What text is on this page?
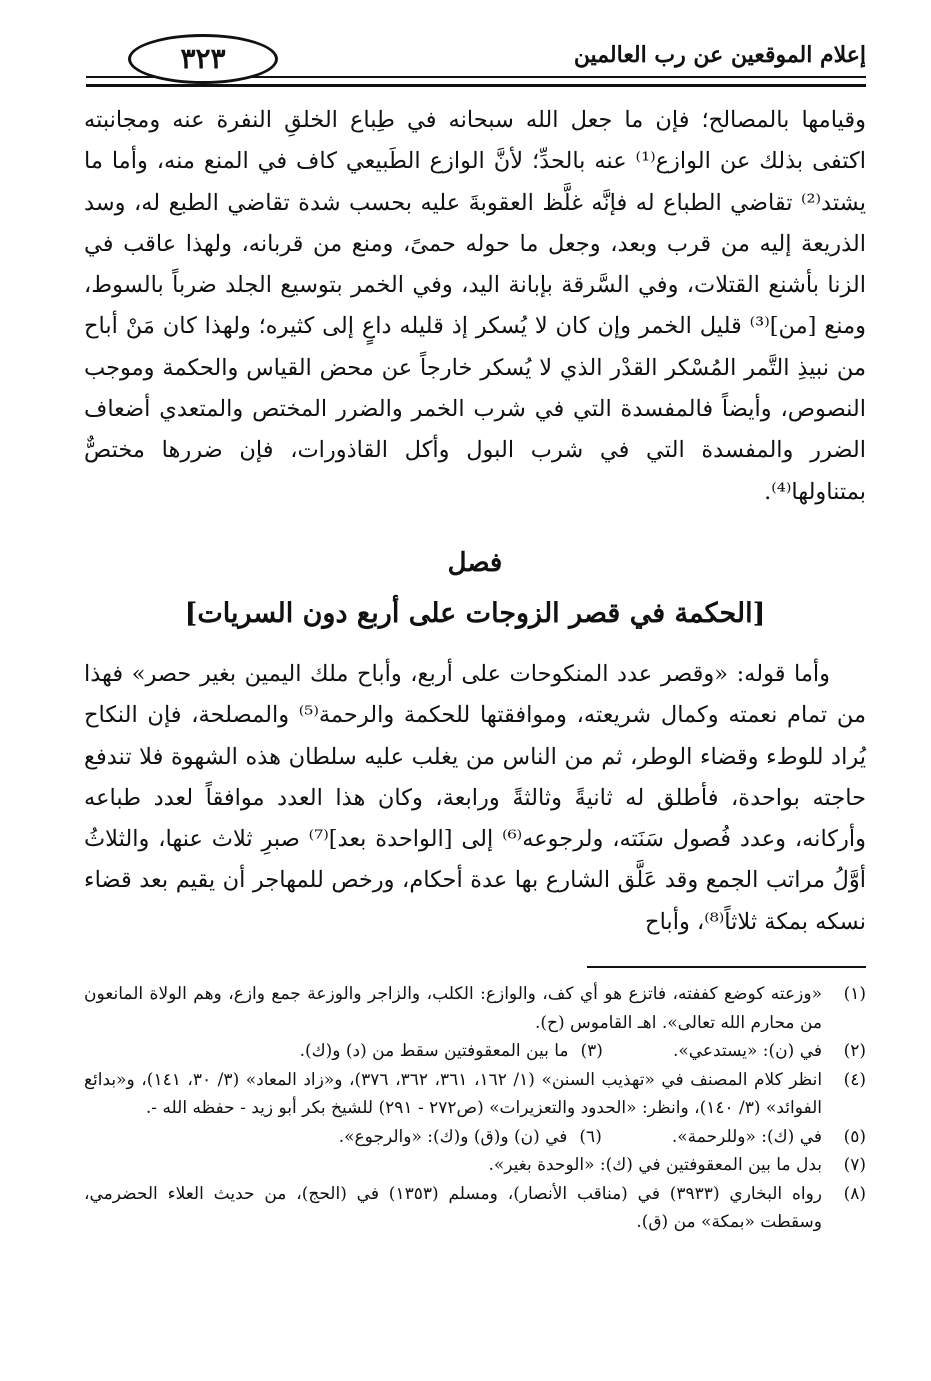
إعلام الموقعين عن رب العالمين
٣٢٣

وقيامها بالمصالح؛ فإن ما جعل الله سبحانه في طِباع الخلقِ النفرة عنه ومجانبته اكتفى بذلك عن الوازع⁽¹⁾ عنه بالحدِّ؛ لأنَّ الوازع الطَبيعي كاف في المنع منه، وأما ما يشتد⁽²⁾ تقاضي الطباع له فإنَّه غلَّظ العقوبةَ عليه بحسب شدة تقاضي الطبع له، وسد الذريعة إليه من قرب وبعد، وجعل ما حوله حمىً، ومنع من قربانه، ولهذا عاقب في الزنا بأشنع القتلات، وفي السَّرقة بإبانة اليد، وفي الخمر بتوسيع الجلد ضرباً بالسوط، ومنع [من]⁽³⁾ قليل الخمر وإن كان لا يُسكر إذ قليله داعٍ إلى كثيره؛ ولهذا كان مَنْ أباح من نبيذِ التَّمر المُسْكر القدْر الذي لا يُسكر خارجاً عن محض القياس والحكمة وموجب النصوص، وأيضاً فالمفسدة التي في شرب الخمر والضرر المختص والمتعدي أضعاف الضرر والمفسدة التي في شرب البول وأكل القاذورات، فإن ضررها مختصٌّ بمتناولها⁽⁴⁾.

فصل
[الحكمة في قصر الزوجات على أربع دون السريات]

وأما قوله: «وقصر عدد المنكوحات على أربع، وأباح ملك اليمين بغير حصر» فهذا من تمام نعمته وكمال شريعته، وموافقتها للحكمة والرحمة⁽⁵⁾ والمصلحة، فإن النكاح يُراد للوطء وقضاء الوطر، ثم من الناس من يغلب عليه سلطان هذه الشهوة فلا تندفع حاجته بواحدة، فأطلق له ثانيةً وثالثةً ورابعة، وكان هذا العدد موافقاً لعدد طباعه وأركانه، وعدد فُصول سَنَته، ولرجوعه⁽⁶⁾ إلى [الواحدة بعد]⁽⁷⁾ صبرِ ثلاث عنها، والثلاثُ أوَّلُ مراتب الجمع وقد عَلَّق الشارع بها عدة أحكام، ورخص للمهاجر أن يقيم بعد قضاء نسكه بمكة ثلاثاً⁽⁸⁾، وأباح

(١)
«وزعته كوضع كففته، فاتزع هو أي كف، والوازع: الكلب، والزاجر والوزعة جمع وازع، وهم الولاة المانعون من محارم الله تعالى». اهـ القاموس (ح).
(٢)
في (ن): «يستدعي».
(٣)
ما بين المعقوفتين سقط من (د) و(ك).
(٤)
انظر كلام المصنف في «تهذيب السنن» (١/ ١٦٢، ٣٦١، ٣٦٢، ٣٧٦)، و«زاد المعاد» (٣/ ٣٠، ١٤١)، و«بدائع الفوائد» (٣/ ١٤٠)، وانظر: «الحدود والتعزيرات» (ص٢٧٢ - ٢٩١) للشيخ بكر أبو زيد - حفظه الله -.
(٥)
في (ك): «وللرحمة».
(٦)
في (ن) و(ق) و(ك): «والرجوع».
(٧)
بدل ما بين المعقوفتين في (ك): «الوحدة بغير».
(٨)
رواه البخاري (٣٩٣٣) في (مناقب الأنصار)، ومسلم (١٣٥٣) في (الحج)، من حديث العلاء الحضرمي، وسقطت «بمكة» من (ق).
